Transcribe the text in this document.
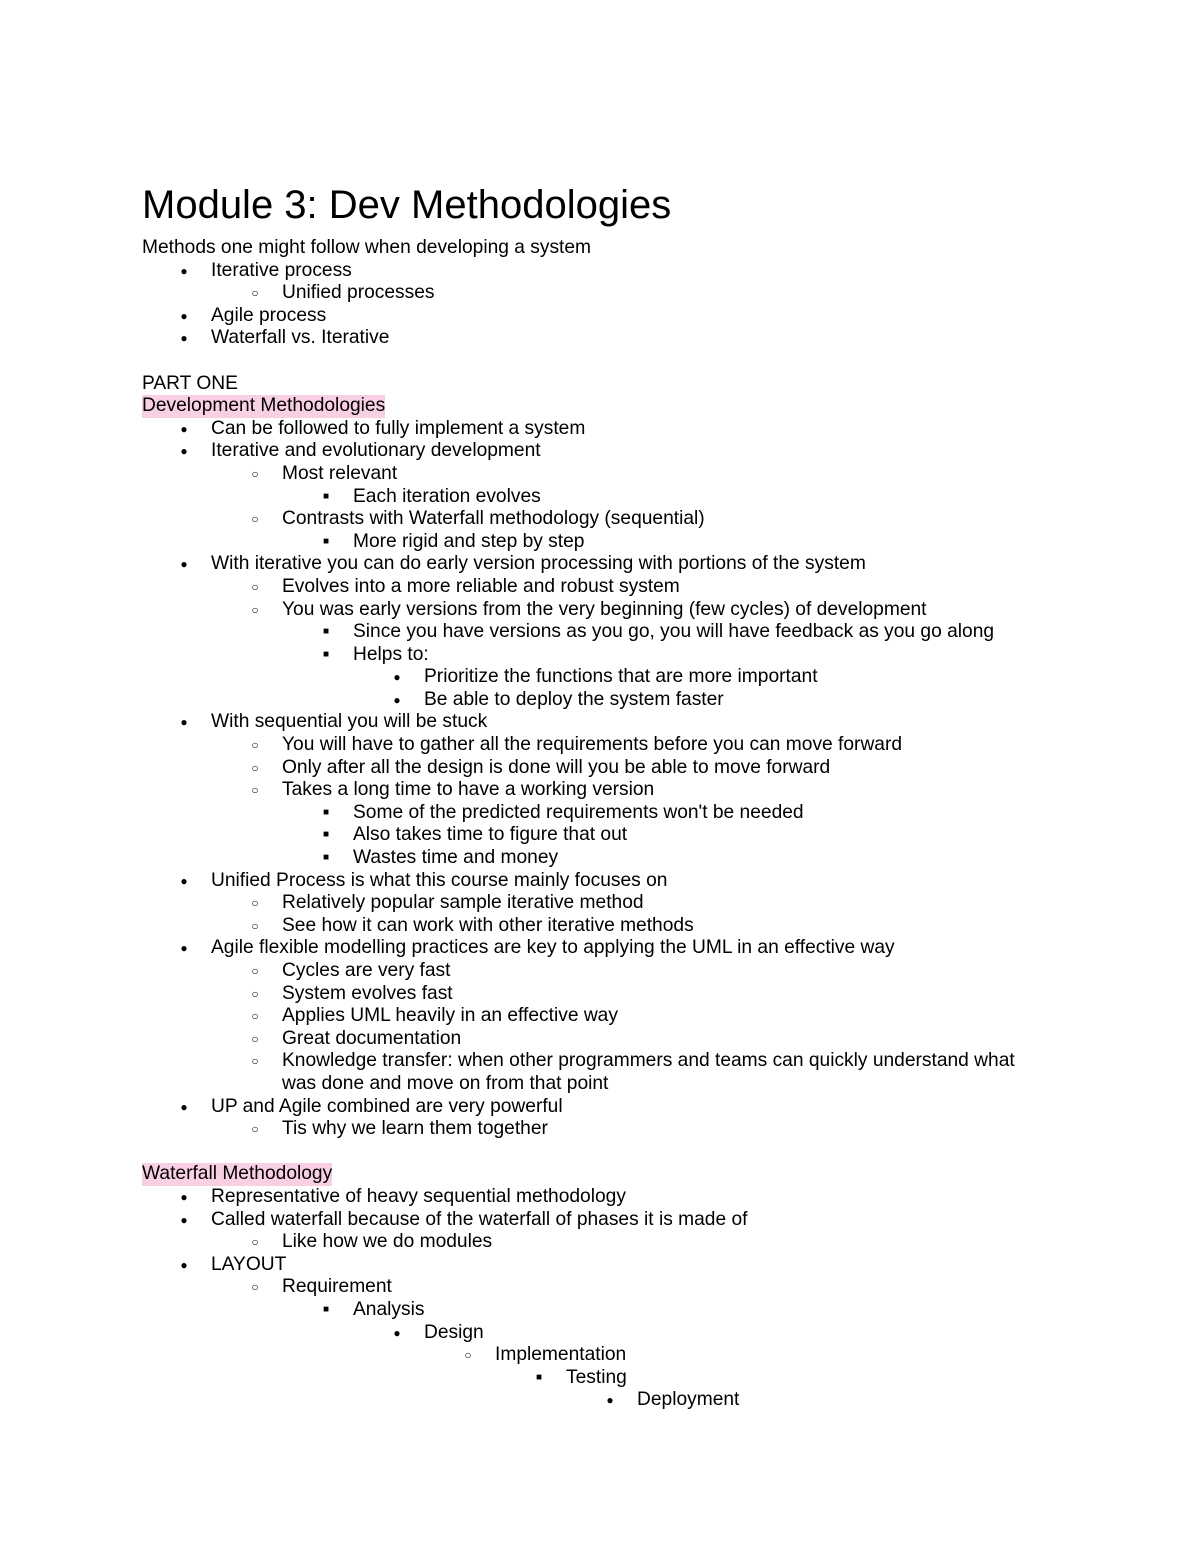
Module 3: Dev Methodologies
Methods one might follow when developing a system
●	Iterative process
○	Unified processes
●	Agile process
●	Waterfall vs. Iterative
PART ONE
Development Methodologies
●	Can be followed to fully implement a system
●	Iterative and evolutionary development
○	Most relevant
■	Each iteration evolves
○	Contrasts with Waterfall methodology (sequential)
■	More rigid and step by step
●	With iterative you can do early version processing with portions of the system
○	Evolves into a more reliable and robust system
○	You was early versions from the very beginning (few cycles) of development
■	Since you have versions as you go, you will have feedback as you go along
■	Helps to:
●	Prioritize the functions that are more important
●	Be able to deploy the system faster
●	With sequential you will be stuck
○	You will have to gather all the requirements before you can move forward
○	Only after all the design is done will you be able to move forward
○	Takes a long time to have a working version
■	Some of the predicted requirements won't be needed
■	Also takes time to figure that out
■	Wastes time and money
●	Unified Process is what this course mainly focuses on
○	Relatively popular sample iterative method
○	See how it can work with other iterative methods
●	Agile flexible modelling practices are key to applying the UML in an effective way
○	Cycles are very fast
○	System evolves fast
○	Applies UML heavily in an effective way
○	Great documentation
○	Knowledge transfer: when other programmers and teams can quickly understand what was done and move on from that point
●	UP and Agile combined are very powerful
○	Tis why we learn them together
Waterfall Methodology
●	Representative of heavy sequential methodology
●	Called waterfall because of the waterfall of phases it is made of
○	Like how we do modules
●	LAYOUT
○	Requirement
■	Analysis
●	Design
○	Implementation
■	Testing
●	Deployment
